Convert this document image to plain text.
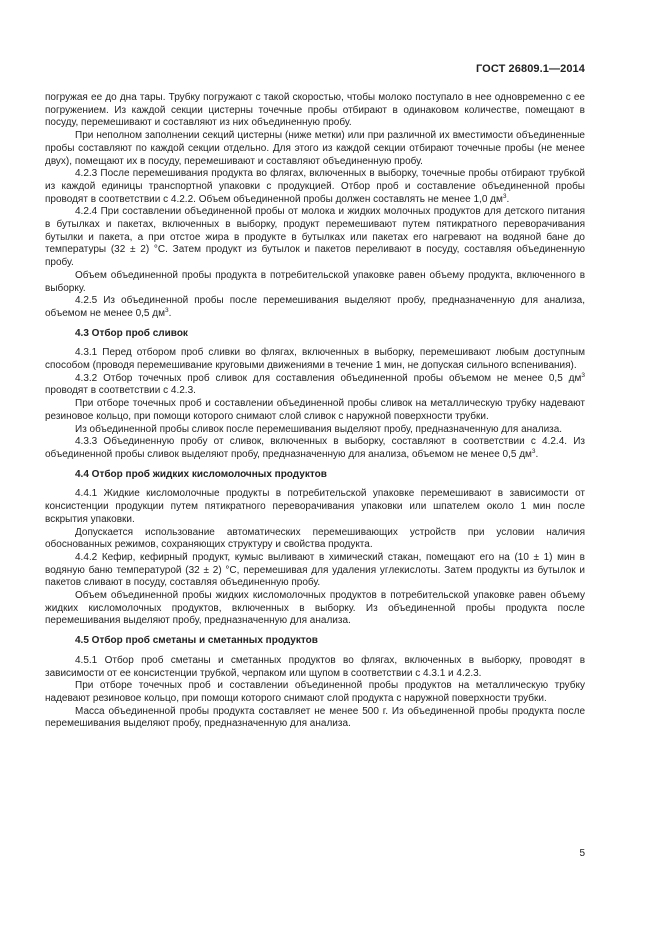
ГОСТ 26809.1—2014

погружая ее до дна тары. Трубку погружают с такой скоростью, чтобы молоко поступало в нее одновременно с ее погружением. Из каждой секции цистерны точечные пробы отбирают в одинаковом количестве, помещают в посуду, перемешивают и составляют из них объединенную пробу.

При неполном заполнении секций цистерны (ниже метки) или при различной их вместимости объединенные пробы составляют по каждой секции отдельно. Для этого из каждой секции отбирают точечные пробы (не менее двух), помещают их в посуду, перемешивают и составляют объединенную пробу.

4.2.3 После перемешивания продукта во флягах, включенных в выборку, точечные пробы отбирают трубкой из каждой единицы транспортной упаковки с продукцией. Отбор проб и составление объединенной пробы проводят в соответствии с 4.2.2. Объем объединенной пробы должен составлять не менее 1,0 $дм^3$.

4.2.4 При составлении объединенной пробы от молока и жидких молочных продуктов для детского питания в бутылках и пакетах, включенных в выборку, продукт перемешивают путем пятикратного переворачивания бутылки и пакета, а при отстое жира в продукте в бутылках или пакетах его нагревают на водяной бане до температуры (32 ± 2) °С. Затем продукт из бутылок и пакетов переливают в посуду, составляя объединенную пробу.

Объем объединенной пробы продукта в потребительской упаковке равен объему продукта, включенного в выборку.

4.2.5 Из объединенной пробы после перемешивания выделяют пробу, предназначенную для анализа, объемом не менее 0,5 $дм^3$.

4.3 Отбор проб сливок

4.3.1 Перед отбором проб сливки во флягах, включенных в выборку, перемешивают любым доступным способом (проводя перемешивание круговыми движениями в течение 1 мин, не допуская сильного вспенивания).

4.3.2 Отбор точечных проб сливок для составления объединенной пробы объемом не менее 0,5 $дм^3$ проводят в соответствии с 4.2.3.

При отборе точечных проб и составлении объединенной пробы сливок на металлическую трубку надевают резиновое кольцо, при помощи которого снимают слой сливок с наружной поверхности трубки.

Из объединенной пробы сливок после перемешивания выделяют пробу, предназначенную для анализа.

4.3.3 Объединенную пробу от сливок, включенных в выборку, составляют в соответствии с 4.2.4. Из объединенной пробы сливок выделяют пробу, предназначенную для анализа, объемом не менее 0,5 $дм^3$.

4.4 Отбор проб жидких кисломолочных продуктов

4.4.1 Жидкие кисломолочные продукты в потребительской упаковке перемешивают в зависимости от консистенции продукции путем пятикратного переворачивания упаковки или шпателем около 1 мин после вскрытия упаковки.

Допускается использование автоматических перемешивающих устройств при условии наличия обоснованных режимов, сохраняющих структуру и свойства продукта.

4.4.2 Кефир, кефирный продукт, кумыс выливают в химический стакан, помещают его на (10 ± 1) мин в водяную баню температурой (32 ± 2) °С, перемешивая для удаления углекислоты. Затем продукты из бутылок и пакетов сливают в посуду, составляя объединенную пробу.

Объем объединенной пробы жидких кисломолочных продуктов в потребительской упаковке равен объему жидких кисломолочных продуктов, включенных в выборку. Из объединенной пробы продукта после перемешивания выделяют пробу, предназначенную для анализа.

4.5 Отбор проб сметаны и сметанных продуктов

4.5.1 Отбор проб сметаны и сметанных продуктов во флягах, включенных в выборку, проводят в зависимости от ее консистенции трубкой, черпаком или щупом в соответствии с 4.3.1 и 4.2.3.

При отборе точечных проб и составлении объединенной пробы продуктов на металлическую трубку надевают резиновое кольцо, при помощи которого снимают слой продукта с наружной поверхности трубки.

Масса объединенной пробы продукта составляет не менее 500 г. Из объединенной пробы продукта после перемешивания выделяют пробу, предназначенную для анализа.

5
